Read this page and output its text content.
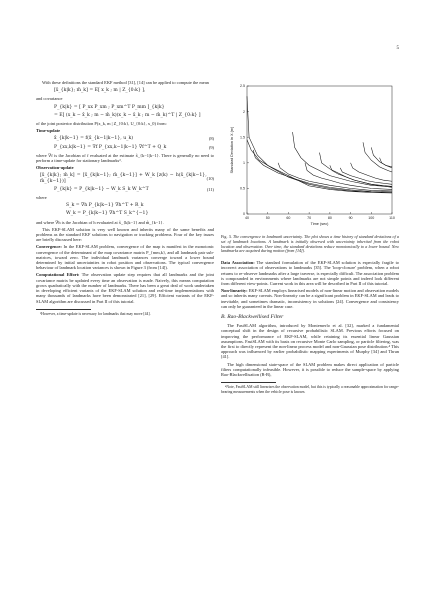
5

With these definitions the standard EKF method [31], [14] can be applied to compute the mean

[x̂_{k|k}; m̂_k] = E[ x_k ; m | Z_{0:k} ],

and covariance

P_{k|k} = [ P_xx P_xm ; P_xm^T P_mm ]_{k|k}
= E[ (x_k − x̂_k ; m − m̂_k)(x_k − x̂_k ; m − m̂_k)^T | Z_{0:k} ]

of the joint posterior distribution P(x_k, m | Z_{0:k}, U_{0:k}, x_0) from:

Time-update

x̂_{k|k−1} = f(x̂_{k−1|k−1}, u_k)	(8)
P_{xx,k|k−1} = ∇f P_{xx,k−1|k−1} ∇f^T + Q_k	(9)

where ∇f is the Jacobian of f evaluated at the estimate x̂_{k−1|k−1}. There is generally no need to perform a time-update for stationary landmarks³.

Observation-update

[x̂_{k|k}; m̂_k] = [x̂_{k|k−1}; m̂_{k−1}] + W_k [z(k) − h(x̂_{k|k−1}, m̂_{k−1})]
(10)
P_{k|k} = P_{k|k−1} − W_k S_k W_k^T	(11)

where

S_k = ∇h P_{k|k−1} ∇h^T + R_k
W_k = P_{k|k−1} ∇h^T S_k^{−1}

and where ∇h is the Jacobian of h evaluated at x̂_{k|k−1} and m̂_{k−1}.

This EKF-SLAM solution is very well known and inherits many of the same benefits and problems as the standard EKF solutions to navigation or tracking problems. Four of the key issues are briefly discussed here:

Convergence: In the EKF-SLAM problem, convergence of the map is manifest in the monotonic convergence of the determinant of the map covariance matrix P_{mm,k}, and all landmark pair sub-matrices, toward zero. The individual landmark variances converge toward a lower bound determined by initial uncertainties in robot position and observations. The typical convergence behaviour of landmark location variances is shown in Figure 3 (from [14]).

Computational Effort: The observation update step requires that all landmarks and the joint covariance matrix be updated every time an observation is made. Naively, this means computation grows quadratically with the number of landmarks. There has been a great deal of work undertaken in developing efficient variants of the EKF-SLAM solution and real-time implementations with many thousands of landmarks have been demonstrated [21], [29]. Efficient variants of the EKF-SLAM algorithm are discussed in Part II of this tutorial.

³However, a time-update is necessary for landmarks that may move [44].

40	50	60	70	80	90	100	110
0
0.5
1
1.5
2
2.5
Time (sec)
Standard Deviation in X (m)

Fig. 3. The convergence in landmark uncertainty. The plot shows a time history of standard deviations of a set of landmark locations. A landmark is initially observed with uncertainty inherited from the robot location and observation. Over time, the standard deviations reduce monotonically to a lower bound. New landmarks are acquired during motion (from [14]).

Data Association: The standard formulation of the EKF-SLAM solution is especially fragile to incorrect association of observations to landmarks [35]. The 'loop-closure' problem, when a robot returns to re-observe landmarks after a large traverse, is especially difficult. The association problem is compounded in environments where landmarks are not simple points and indeed look different from different view-points. Current work in this area will be described in Part II of this tutorial.

Non-linearity: EKF-SLAM employs linearised models of non-linear motion and observation models and so inherits many caveats. Non-linearity can be a significant problem in EKF-SLAM and leads to inevitable, and sometimes dramatic, inconsistency in solutions [24]. Convergence and consistency can only be guaranteed in the linear case.

B. Rao-Blackwellised Filter

The FastSLAM algorithm, introduced by Montemerlo et al. [32], marked a fundamental conceptual shift in the design of recursive probabilistic SLAM. Previous efforts focused on improving the performance of EKF-SLAM, while retaining its essential linear Gaussian assumptions. FastSLAM with its basis on recursive Monte Carlo sampling, or particle filtering, was the first to directly represent the non-linear process model and non-Gaussian pose distribution.⁴ This approach was influenced by earlier probabilistic mapping experiments of Murphy [34] and Thrun [41].

The high dimensional state-space of the SLAM problem makes direct application of particle filters computationally infeasible. However, it is possible to reduce the sample-space by applying Rao-Blackwellisation (R-B),

⁴Note, FastSLAM still linearises the observation model, but this is typically a reasonable approximation for range-bearing measurements when the vehicle pose is known.
